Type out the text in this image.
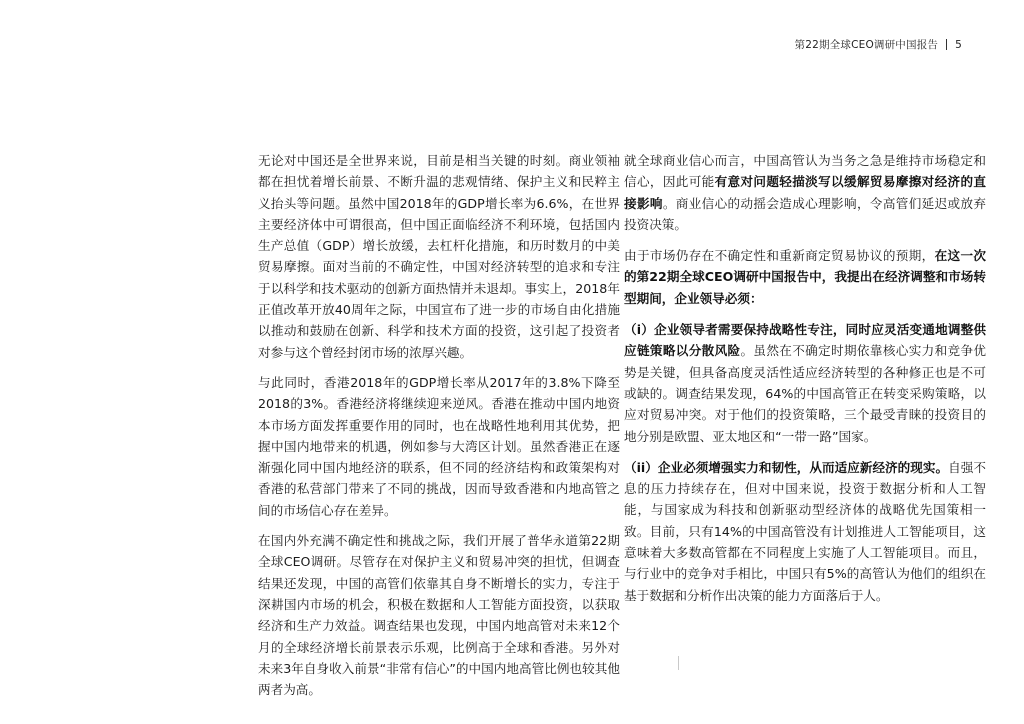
第22期全球CEO调研中国报告 5

无论对中国还是全世界来说，目前是相当关键的时刻。商业领袖都在担忧着增长前景、不断升温的悲观情绪、保护主义和民粹主义抬头等问题。虽然中国2018年的GDP增长率为6.6%，在世界主要经济体中可谓很高，但中国正面临经济不利环境，包括国内生产总值（GDP）增长放缓，去杠杆化措施，和历时数月的中美贸易摩擦。面对当前的不确定性，中国对经济转型的追求和专注于以科学和技术驱动的创新方面热情并未退却。事实上，2018年正值改革开放40周年之际，中国宣布了进一步的市场自由化措施以推动和鼓励在创新、科学和技术方面的投资，这引起了投资者对参与这个曾经封闭市场的浓厚兴趣。

与此同时，香港2018年的GDP增长率从2017年的3.8%下降至2018的3%。香港经济将继续迎来逆风。香港在推动中国内地资本市场方面发挥重要作用的同时，也在战略性地利用其优势，把握中国内地带来的机遇，例如参与大湾区计划。虽然香港正在逐渐强化同中国内地经济的联系，但不同的经济结构和政策架构对香港的私营部门带来了不同的挑战，因而导致香港和内地高管之间的市场信心存在差异。

在国内外充满不确定性和挑战之际，我们开展了普华永道第22期全球CEO调研。尽管存在对保护主义和贸易冲突的担忧，但调查结果还发现，中国的高管们依靠其自身不断增长的实力，专注于深耕国内市场的机会，积极在数据和人工智能方面投资，以获取经济和生产力效益。调查结果也发现，中国内地高管对未来12个月的全球经济增长前景表示乐观，比例高于全球和香港。另外对未来3年自身收入前景“非常有信心”的中国内地高管比例也较其他两者为高。

就全球商业信心而言，中国高管认为当务之急是维持市场稳定和信心，因此可能有意对问题轻描淡写以缓解贸易摩擦对经济的直接影响。商业信心的动摇会造成心理影响，令高管们延迟或放弃投资决策。

由于市场仍存在不确定性和重新商定贸易协议的预期，在这一次的第22期全球CEO调研中国报告中，我提出在经济调整和市场转型期间，企业领导必须：

（i）企业领导者需要保持战略性专注，同时应灵活变通地调整供应链策略以分散风险。虽然在不确定时期依靠核心实力和竞争优势是关键，但具备高度灵活性适应经济转型的各种修正也是不可或缺的。调查结果发现，64%的中国高管正在转变采购策略，以应对贸易冲突。对于他们的投资策略，三个最受青睐的投资目的地分别是欧盟、亚太地区和“一带一路”国家。

（ii）企业必须增强实力和韧性，从而适应新经济的现实。自强不息的压力持续存在，但对中国来说，投资于数据分析和人工智能，与国家成为科技和创新驱动型经济体的战略优先国策相一致。目前，只有14%的中国高管没有计划推进人工智能项目，这意味着大多数高管都在不同程度上实施了人工智能项目。而且，与行业中的竞争对手相比，中国只有5%的高管认为他们的组织在基于数据和分析作出决策的能力方面落后于人。
